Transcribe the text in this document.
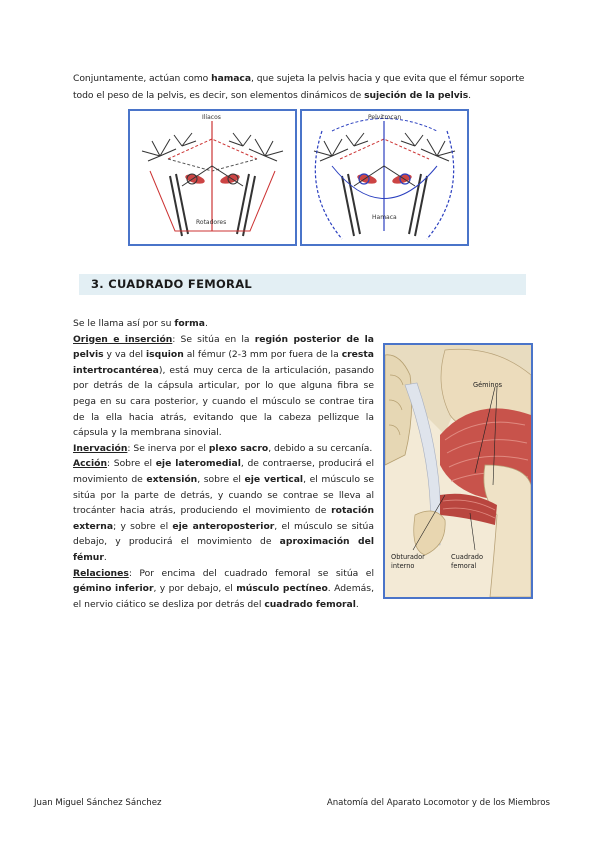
Conjuntamente, actúan como hamaca, que sujeta la pelvis hacia y que evita que el fémur soporte todo el peso de la pelvis, es decir, son elementos dinámicos de sujeción de la pelvis.
Ilíacos
Rotadores
Pelvitrocan
Hamaca
3. CUADRADO FEMORAL

Se le llama así por su forma.

Origen e inserción: Se sitúa en la región posterior de la pelvis y va del isquion al fémur (2-3 mm por fuera de la cresta intertrocantérea), está muy cerca de la articulación, pasando por detrás de la cápsula articular, por lo que alguna fibra se pega en su cara posterior, y cuando el músculo se contrae tira de la ella hacia atrás, evitando que la cabeza pellizque la cápsula y la membrana sinovial.

Inervación: Se inerva por el plexo sacro, debido a su cercanía.

Acción: Sobre el eje lateromedial, de contraerse, producirá el movimiento de extensión, sobre el eje vertical, el músculo se sitúa por la parte de detrás, y cuando se contrae se lleva al trocánter hacia atrás, produciendo el movimiento de rotación externa; y sobre el eje anteroposterior, el músculo se sitúa debajo, y producirá el movimiento de aproximación del fémur.

Relaciones: Por encima del cuadrado femoral se sitúa el gémino inferior, y por debajo, el músculo pectíneo. Además, el nervio ciático se desliza por detrás del cuadrado femoral.

Géminos
Obturador
interno
Cuadrado
femoral
Juan Miguel Sánchez Sánchez	Anatomía del Aparato Locomotor y de los Miembros
